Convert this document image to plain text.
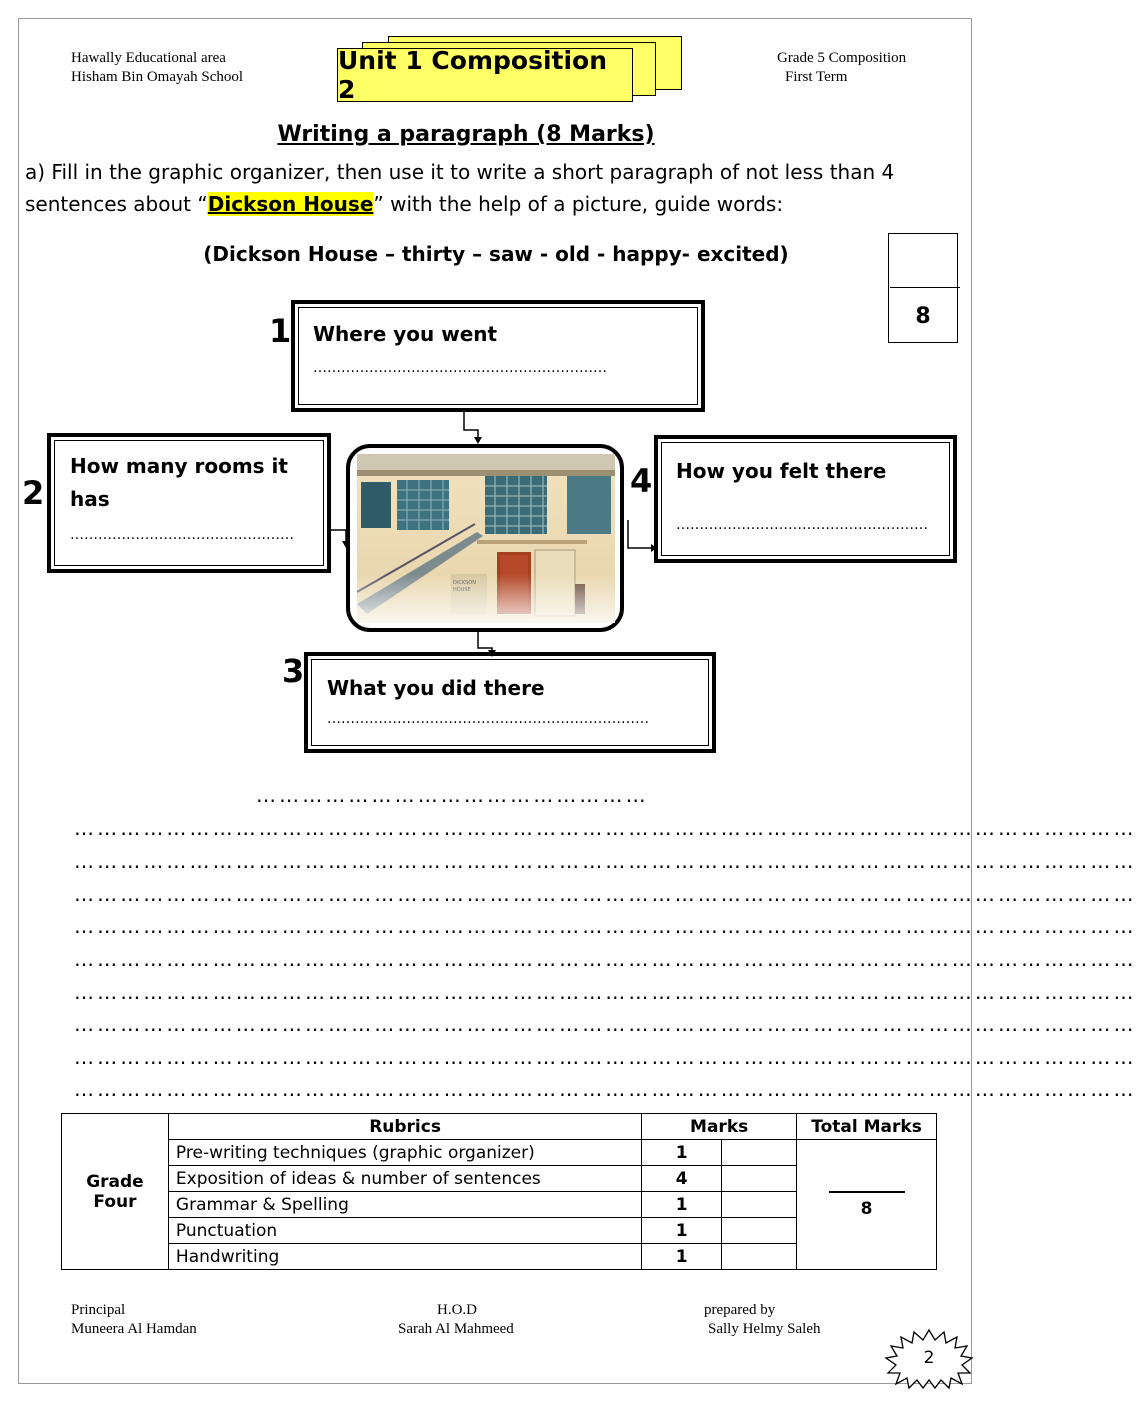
Hawally Educational area
Hisham Bin Omayah School
Grade 5 Composition
First Term
Unit 1 Composition 2
Writing a paragraph (8 Marks)
a) Fill in the graphic organizer, then use it to write a short paragraph of not less than 4 sentences about “Dickson House” with the help of a picture, guide words:
(Dickson House – thirty – saw - old - happy- excited)
8
1 Where you went
………………………………………………………
2
How many rooms it
has
…………………………………………
4 How you felt there
………………………………………………
3 What you did there
……………………………………………………………
……………………………………………
…………………………………………………………………………………………………………………………
…………………………………………………………………………………………………………………………
…………………………………………………………………………………………………………………………
…………………………………………………………………………………………………………………………
…………………………………………………………………………………………………………………………
…………………………………………………………………………………………………………………………
…………………………………………………………………………………………………………………………
…………………………………………………………………………………………………………………………
…………………………………………………………………………………………………………………………
Grade
Four	Rubrics	Marks		Total Marks
	Pre-writing techniques (graphic organizer)	1		8

	Exposition of ideas & number of sentences	4		
	Grammar & Spelling	1		
	Punctuation	1		
	Handwriting	1		
Principal
Muneera Al Hamdan
H.O.D
Sarah Al Mahmeed
prepared by
Sally Helmy Saleh
2
